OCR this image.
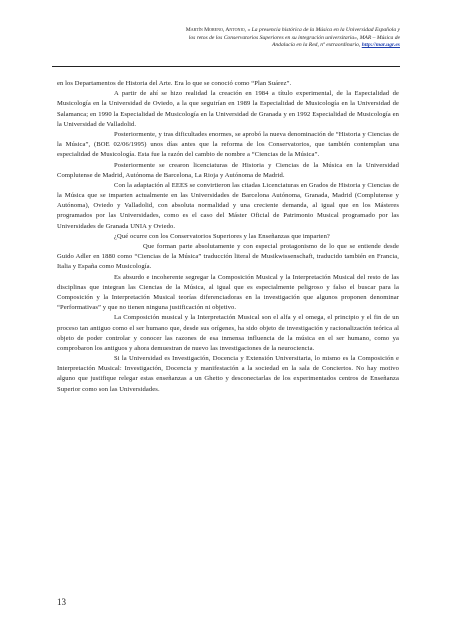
Martín Moreno, Antonio, « La presencia histórica de la Música en la Universidad Española y
los retos de los Conservatorios Superiores en su integración universitaria», MAR – Música de
Andalucía en la Red, nº extraordinario, http://mar.ugr.es

en los Departamentos de Historia del Arte. Era lo que se conoció como “Plan Suárez”.

A partir de ahí se hizo realidad la creación en 1984 a título experimental, de la Especialidad de Musicología en la Universidad de Oviedo, a la que seguirían en 1989 la Especialidad de Musicología en la Universidad de Salamanca; en 1990 la Especialidad de Musicología en la Universidad de Granada y en 1992 Especialidad de Musicología en la Universidad de Valladolid.

Posteriormente, y tras dificultades enormes, se aprobó la nueva denominación de “Historia y Ciencias de la Música”, (BOE 02/06/1995) unos días antes que la reforma de los Conservatorios, que también contemplan una especialidad de Musicología. Esta fue la razón del cambio de nombre a “Ciencias de la Música”.

Posteriormente se crearon licenciaturas de Historia y Ciencias de la Música en la Universidad Complutense de Madrid, Autónoma de Barcelona, La Rioja y Autónoma de Madrid.

Con la adaptación al EEES se convirtieron las citadas Licenciaturas en Grados de Historia y Ciencias de la Música que se imparten actualmente en las Universidades de Barcelona Autónoma, Granada, Madrid (Complutense y Autónoma), Oviedo y Valladolid, con absoluta normalidad y una creciente demanda, al igual que en los Másteres programados por las Universidades, como es el caso del Máster Oficial de Patrimonio Musical programado por las Universidades de Granada UNIA y Oviedo.

¿Qué ocurre con los Conservatorios Superiores y las Enseñanzas que imparten?

Que forman parte absolutamente y con especial protagonismo de lo que se entiende desde Guido Adler en 1880 como “Ciencias de la Música” traducción literal de Musikwissenschaft, traducido también en Francia, Italia y España como Musicología.

Es absurdo e incoherente segregar la Composición Musical y la Interpretación Musical del resto de las disciplinas que integran las Ciencias de la Música, al igual que es especialmente peligroso y falso el buscar para la Composición y la Interpretación Musical teorías diferenciadoras en la investigación que algunos proponen denominar “Performativas” y que no tienen ninguna justificación ni objetivo.

La Composición musical y la Interpretación Musical son el alfa y el omega, el principio y el fin de un proceso tan antiguo como el ser humano que, desde sus orígenes, ha sido objeto de investigación y racionalización teórica al objeto de poder controlar y conocer las razones de esa inmensa influencia de la música en el ser humano, como ya comprobaron los antiguos y ahora demuestran de nuevo las investigaciones de la neurociencia.

Si la Universidad es Investigación, Docencia y Extensión Universitaria, lo mismo es la Composición e Interpretación Musical: Investigación, Docencia y manifestación a la sociedad en la sala de Conciertos. No hay motivo alguno que justifique relegar estas enseñanzas a un Ghetto y desconectarlas de los experimentados centros de Enseñanza Superior como son las Universidades.

13
